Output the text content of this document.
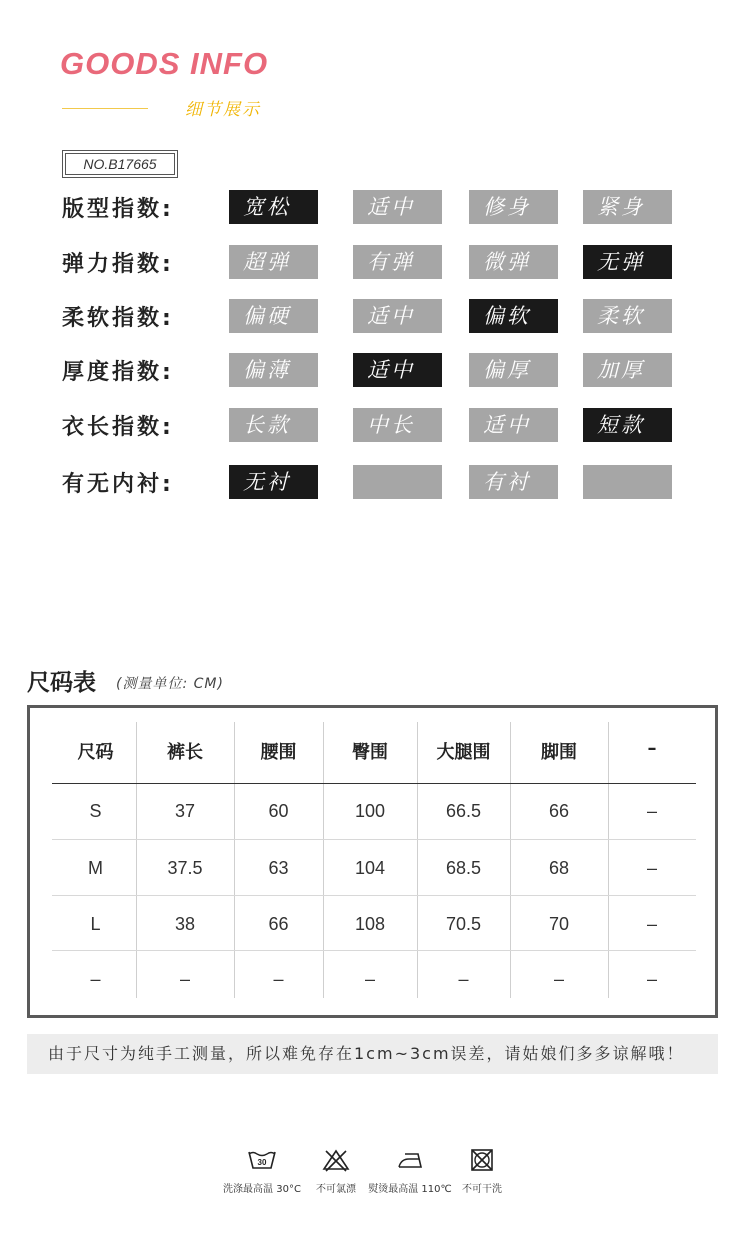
GOODS INFO
细节展示
NO.B17665
版型指数:	宽松	适中	修身	紧身
弹力指数:	超弹	有弹	微弹	无弹
柔软指数:	偏硬	适中	偏软	柔软
厚度指数:	偏薄	适中	偏厚	加厚
衣长指数:	长款	中长	适中	短款
有无内衬:	无衬	有衬
尺码表 (测量单位: CM)
尺码	裤长	腰围	臀围	大腿围	脚围	–
S	37	60	100	66.5	66	–
M	37.5	63	104	68.5	68	–
L	38	66	108	70.5	70	–
–	–	–	–	–	–	–
由于尺寸为纯手工测量，所以难免存在1cm~3cm误差，请姑娘们多多谅解哦！
30
洗涤最高温 30°C	不可氯漂	熨烫最高温 110℃	不可干洗
